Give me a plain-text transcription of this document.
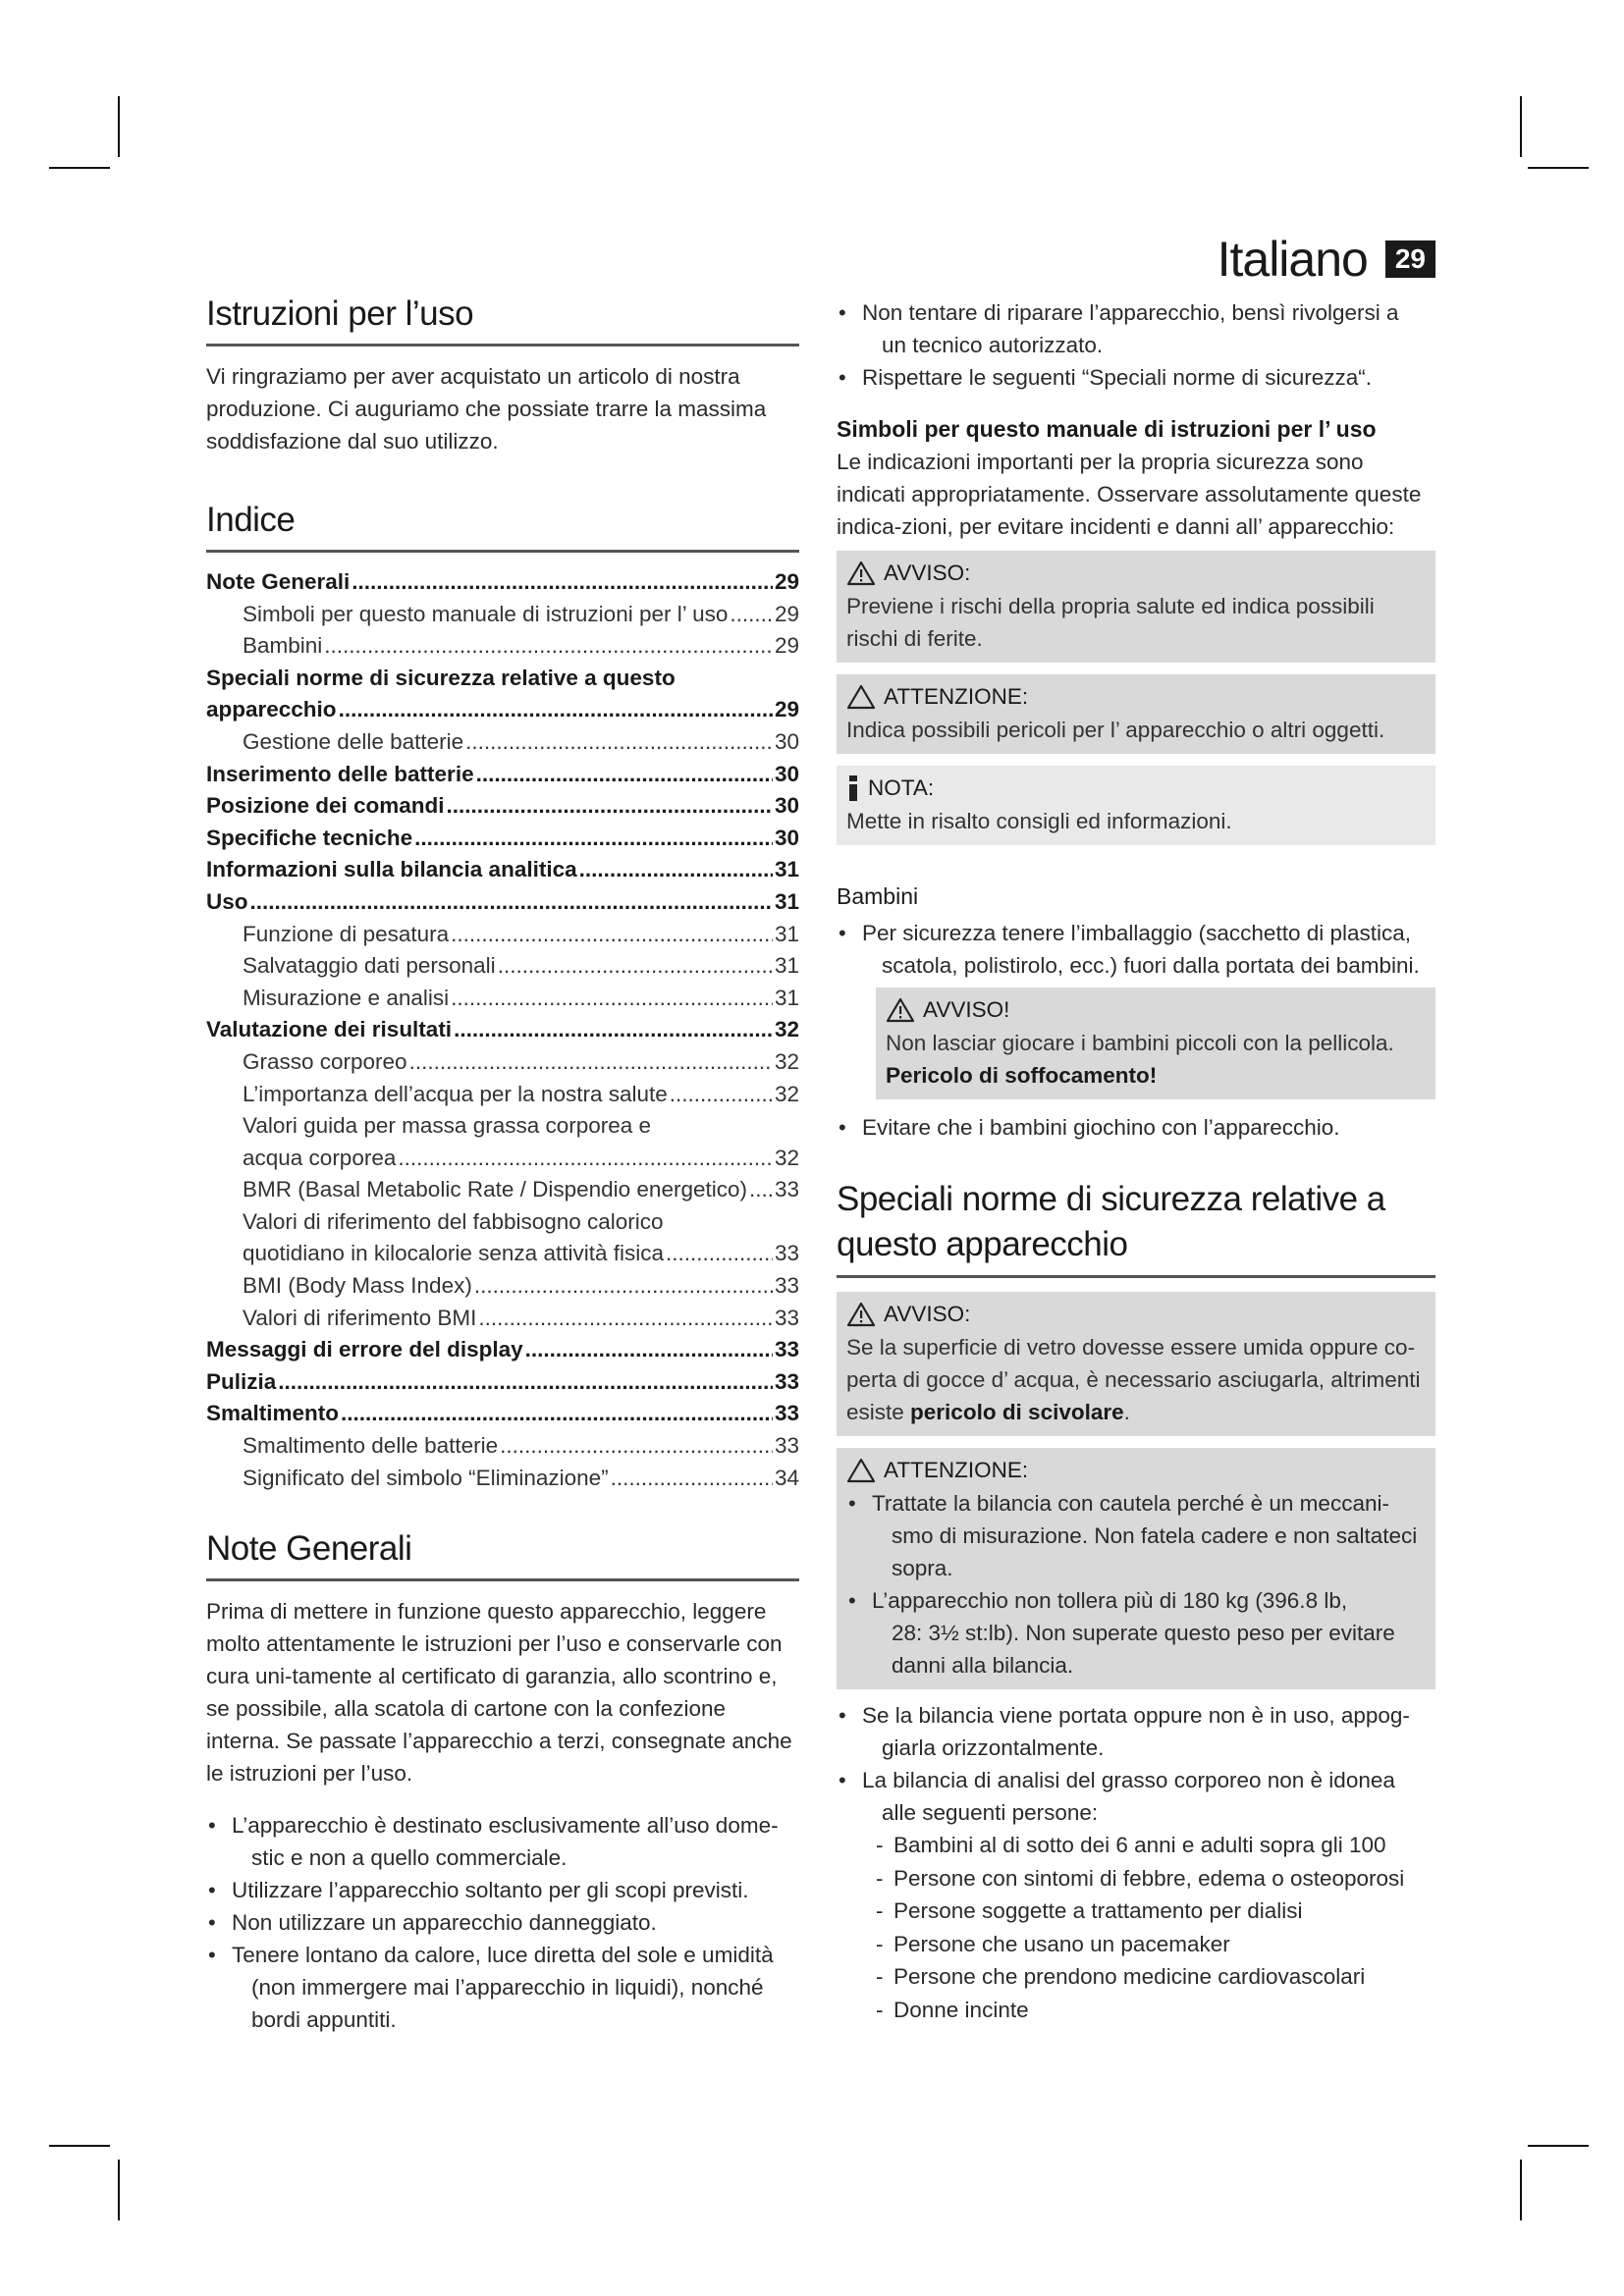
Italiano	29
Istruzioni per l’uso

Vi ringraziamo per aver acquistato un articolo di nostra produzione. Ci auguriamo che possiate trarre la massima soddisfazione dal suo utilizzo.

Indice
Note Generali .....	29
Simboli per questo manuale di istruzioni per l’ uso ..... 29
Bambini .....	29
Speciali norme di sicurezza relative a questo
apparecchio .....	29
Gestione delle batterie .....	30
Inserimento delle batterie .....	30
Posizione dei comandi .....	30
Specifiche tecniche .....	30
Informazioni sulla bilancia analitica .....	31
Uso .....	31
Funzione di pesatura .....	31
Salvataggio dati personali .....	31
Misurazione e analisi .....	31
Valutazione dei risultati .....	32
Grasso corporeo .....	32
L’importanza dell’acqua per la nostra salute .....	32
Valori guida per massa grassa corporea e
acqua corporea .....	32
BMR (Basal Metabolic Rate / Dispendio energetico) ..... 33
Valori di riferimento del fabbisogno calorico
quotidiano in kilocalorie senza attività fisica .....	33
BMI (Body Mass Index) .....	33
Valori di riferimento BMI .....	33
Messaggi di errore del display .....	33
Pulizia .....	33
Smaltimento .....	33
Smaltimento delle batterie .....	33
Significato del simbolo “Eliminazione” .....	34
Note Generali

Prima di mettere in funzione questo apparecchio, leggere molto attentamente le istruzioni per l’uso e conservarle con cura uni-tamente al certificato di garanzia, allo scontrino e, se possibile, alla scatola di cartone con la confezione interna. Se passate l’apparecchio a terzi, consegnate anche le istruzioni per l’uso.

• L’apparecchio è destinato esclusivamente all’uso dome-
stic e non a quello commerciale.
• Utilizzare l’apparecchio soltanto per gli scopi previsti.
• Non utilizzare un apparecchio danneggiato.
• Tenere lontano da calore, luce diretta del sole e umidità
(non immergere mai l’apparecchio in liquidi), nonché bordi appuntiti.
• Non tentare di riparare l’apparecchio, bensì rivolgersi a
un tecnico autorizzato.
• Rispettare le seguenti “Speciali norme di sicurezza“.
Simboli per questo manuale di istruzioni per l’ uso

Le indicazioni importanti per la propria sicurezza sono indicati appropriatamente. Osservare assolutamente queste indica-zioni, per evitare incidenti e danni all’ apparecchio:

AVVISO:
Previene i rischi della propria salute ed indica possibili rischi di ferite.
ATTENZIONE:
Indica possibili pericoli per l’ apparecchio o altri oggetti.
NOTA:
Mette in risalto consigli ed informazioni.
Bambini
• Per sicurezza tenere l’imballaggio (sacchetto di plastica,
scatola, polistirolo, ecc.) fuori dalla portata dei bambini.
AVVISO!
Non lasciar giocare i bambini piccoli con la pellicola.
Pericolo di soffocamento!
• Evitare che i bambini giochino con l’apparecchio.
Speciali norme di sicurezza relative a questo apparecchio
AVVISO:
Se la superficie di vetro dovesse essere umida oppure co-perta di gocce d’ acqua, è necessario asciugarla, altrimenti esiste pericolo di scivolare.
ATTENZIONE:
• Trattate la bilancia con cautela perché è un meccani-
smo di misurazione. Non fatela cadere e non saltateci sopra.
• L’apparecchio non tollera più di 180 kg (396.8 lb,
28: 3½ st:lb). Non superate questo peso per evitare danni alla bilancia.
• Se la bilancia viene portata oppure non è in uso, appog-
giarla orizzontalmente.
• La bilancia di analisi del grasso corporeo non è idonea
alle seguenti persone:
- Bambini al di sotto dei 6 anni e adulti sopra gli 100
- Persone con sintomi di febbre, edema o osteoporosi
- Persone soggette a trattamento per dialisi
- Persone che usano un pacemaker
- Persone che prendono medicine cardiovascolari
- Donne incinte
